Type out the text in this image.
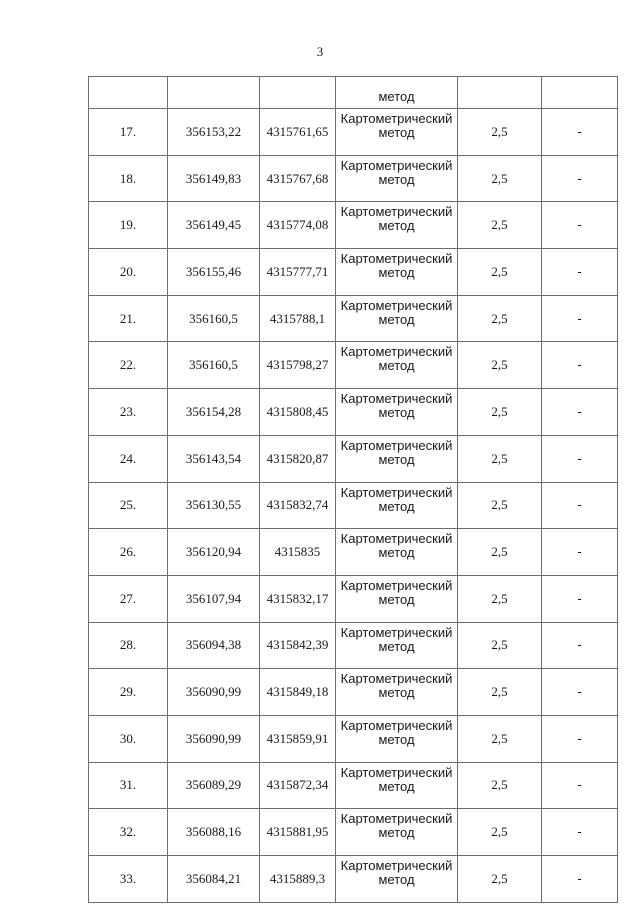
3
			метод		
17.	356153,22	4315761,65	Картометрический метод	2,5	-
18.	356149,83	4315767,68	Картометрический метод	2,5	-
19.	356149,45	4315774,08	Картометрический метод	2,5	-
20.	356155,46	4315777,71	Картометрический метод	2,5	-
21.	356160,5	4315788,1	Картометрический метод	2,5	-
22.	356160,5	4315798,27	Картометрический метод	2,5	-
23.	356154,28	4315808,45	Картометрический метод	2,5	-
24.	356143,54	4315820,87	Картометрический метод	2,5	-
25.	356130,55	4315832,74	Картометрический метод	2,5	-
26.	356120,94	4315835	Картометрический метод	2,5	-
27.	356107,94	4315832,17	Картометрический метод	2,5	-
28.	356094,38	4315842,39	Картометрический метод	2,5	-
29.	356090,99	4315849,18	Картометрический метод	2,5	-
30.	356090,99	4315859,91	Картометрический метод	2,5	-
31.	356089,29	4315872,34	Картометрический метод	2,5	-
32.	356088,16	4315881,95	Картометрический метод	2,5	-
33.	356084,21	4315889,3	Картометрический метод	2,5	-
